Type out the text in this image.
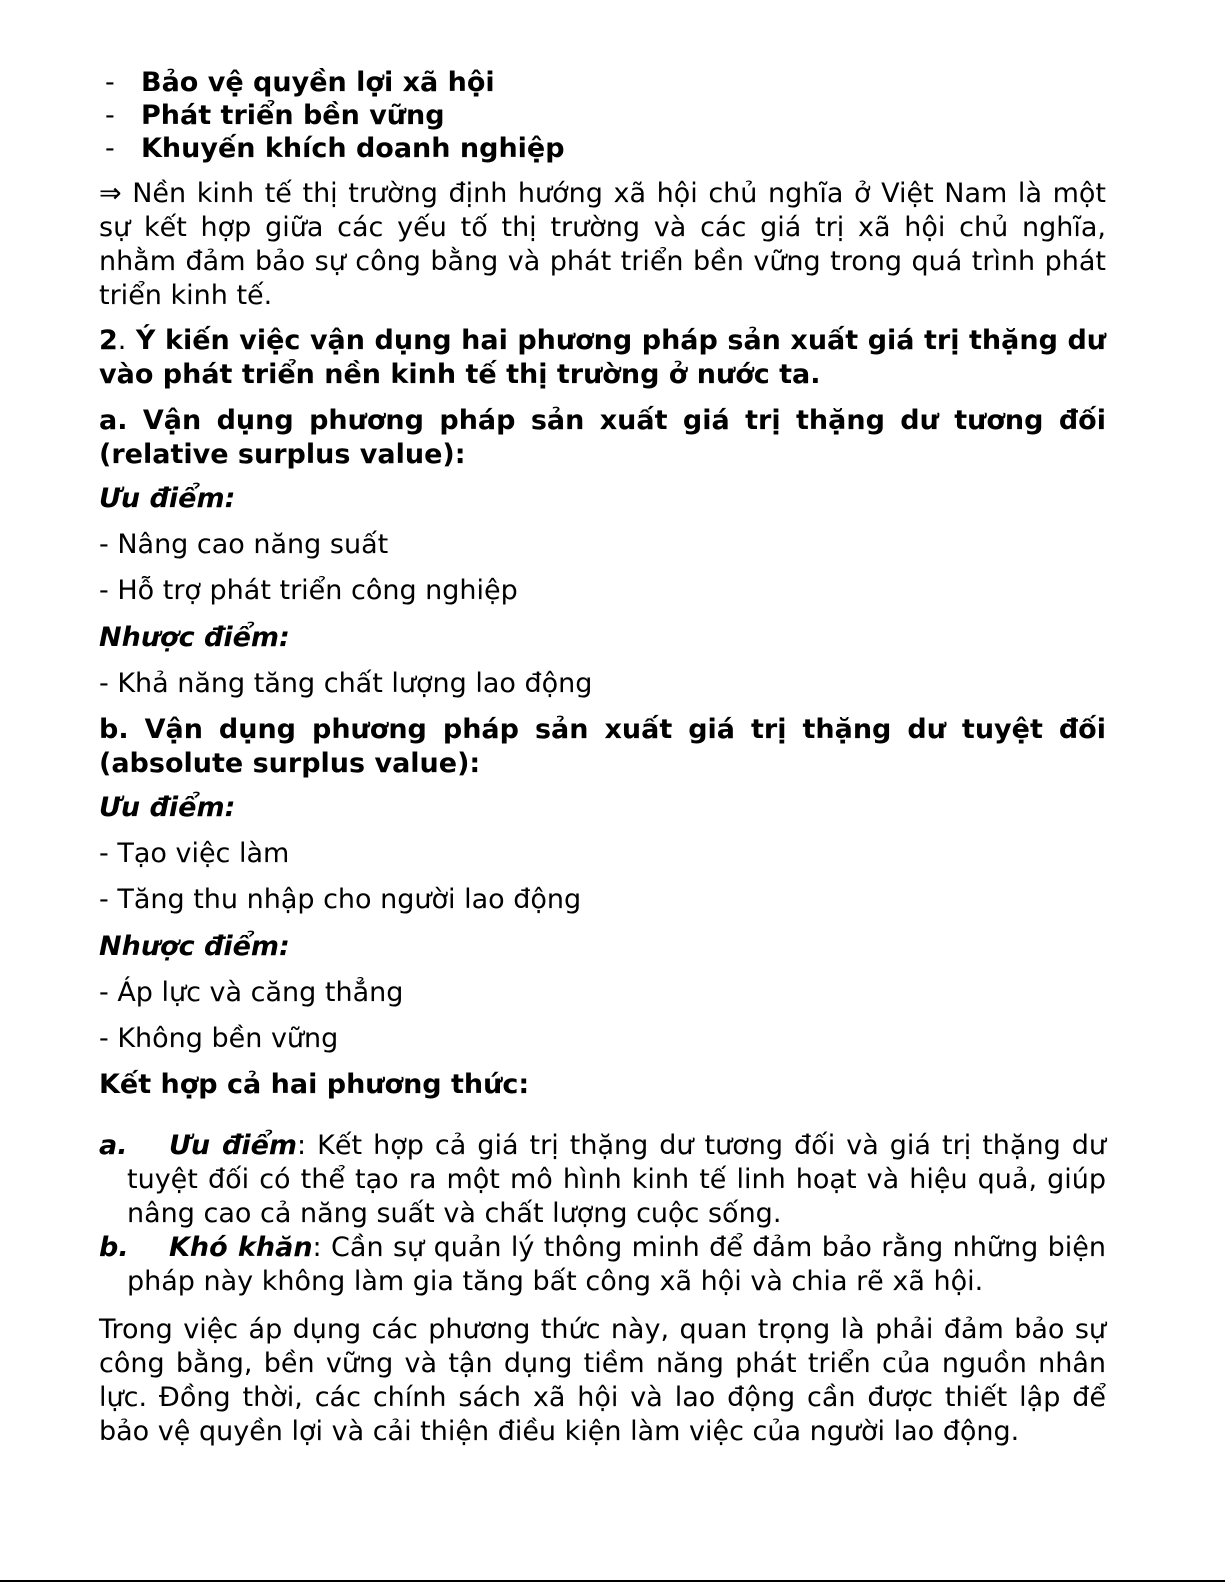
- Bảo vệ quyền lợi xã hội
- Phát triển bền vững
- Khuyến khích doanh nghiệp

⇒ Nền kinh tế thị trường định hướng xã hội chủ nghĩa ở Việt Nam là một sự kết hợp giữa các yếu tố thị trường và các giá trị xã hội chủ nghĩa, nhằm đảm bảo sự công bằng và phát triển bền vững trong quá trình phát triển kinh tế.

2. Ý kiến việc vận dụng hai phương pháp sản xuất giá trị thặng dư vào phát triển nền kinh tế thị trường ở nước ta.

a. Vận dụng phương pháp sản xuất giá trị thặng dư tương đối (relative surplus value):

Ưu điểm:

- Nâng cao năng suất

- Hỗ trợ phát triển công nghiệp

Nhược điểm:

- Khả năng tăng chất lượng lao động

b. Vận dụng phương pháp sản xuất giá trị thặng dư tuyệt đối (absolute surplus value):

Ưu điểm:

- Tạo việc làm

- Tăng thu nhập cho người lao động

Nhược điểm:

- Áp lực và căng thẳng

- Không bền vững

Kết hợp cả hai phương thức:

a. Ưu điểm: Kết hợp cả giá trị thặng dư tương đối và giá trị thặng dư tuyệt đối có thể tạo ra một mô hình kinh tế linh hoạt và hiệu quả, giúp nâng cao cả năng suất và chất lượng cuộc sống.
b. Khó khăn: Cần sự quản lý thông minh để đảm bảo rằng những biện pháp này không làm gia tăng bất công xã hội và chia rẽ xã hội.

Trong việc áp dụng các phương thức này, quan trọng là phải đảm bảo sự công bằng, bền vững và tận dụng tiềm năng phát triển của nguồn nhân lực. Đồng thời, các chính sách xã hội và lao động cần được thiết lập để bảo vệ quyền lợi và cải thiện điều kiện làm việc của người lao động.
